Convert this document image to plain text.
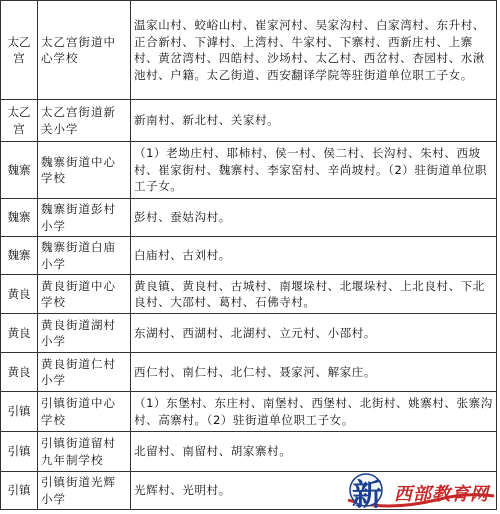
太乙宫	太乙宫街道中心学校	温家山村、蛟峪山村、崔家河村、吴家沟村、白家湾村、东升村、正合新村、下滹村、上湾村、牛家村、下寨村、西新庄村、上寨村、黄岔湾村、四皓村、沙场村、太乙村、西岔村、杏园村、水湫池村、户籍。太乙街道、西安翻译学院等驻街道单位职工子女。
太乙宫	太乙宫街道新关小学	新南村、新北村、关家村。
魏寨	魏寨街道中心学校	（1）老坳庄村、耶柿村、侯一村、侯二村、长沟村、朱村、西坡村、崔家街村、魏寨村、李家窑村、辛尚坡村。（2）驻街道单位职工子女。
魏寨	魏寨街道彭村小学	彭村、蚕姑沟村。
魏寨	魏寨街道白庙小学	白庙村、古刘村。
黄良	黄良街道中心学校	黄良镇、黄良村、古城村、南堰垛村、北堰垛村、上北良村、下北良村、大邵村、葛村、石佛寺村。
黄良	黄良街道湖村小学	东湖村、西湖村、北湖村、立元村、小邵村。
黄良	黄良街道仁村小学	西仁村、南仁村、北仁村、聂家河、解家庄。
引镇	引镇街道中心学校	（1）东堡村、东庄村、南堡村、西堡村、北街村、姚寨村、张寨沟村、高寨村。（2）驻街道单位职工子女。
引镇	引镇街道留村九年制学校	北留村、南留村、胡家寨村。
引镇	引镇街道光辉小学	光辉村、光明村。	新 西部教育网
